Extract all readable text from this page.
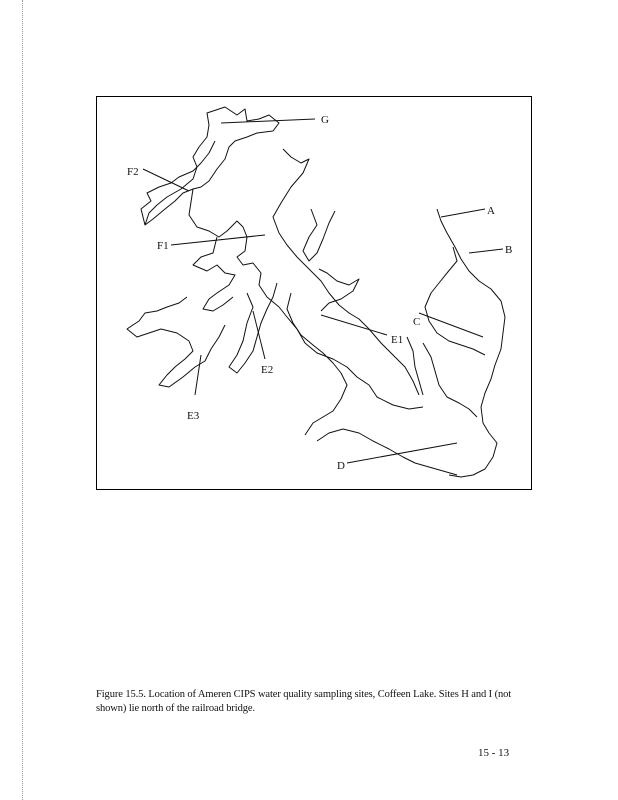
G
F2
F1
A
B
C
E1
E2
E3
D
Figure 15.5. Location of Ameren CIPS water quality sampling sites, Coffeen Lake. Sites H and I (not shown) lie north of the railroad bridge.
15 - 13
